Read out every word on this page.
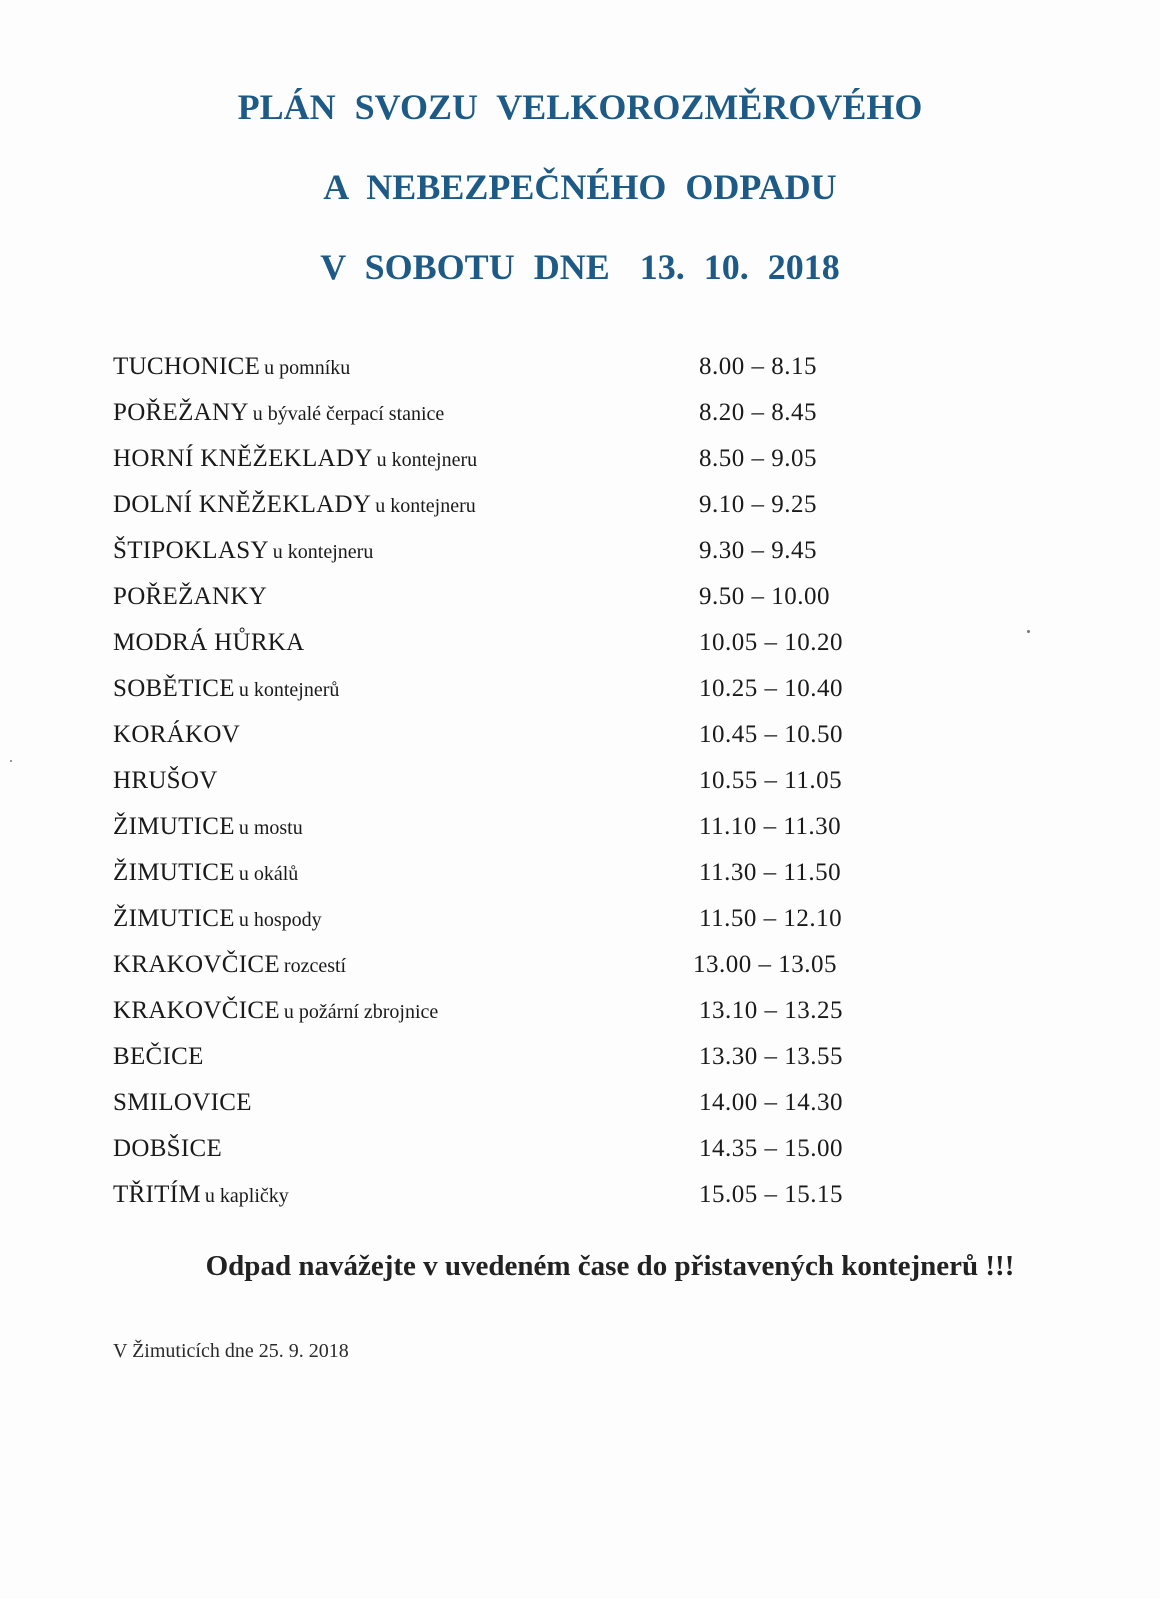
PLÁN SVOZU VELKOROZMĚROVÉHO
A NEBEZPEČNÉHO ODPADU
V SOBOTU DNE 13. 10. 2018
TUCHONICE u pomníku	8.00 – 8.15
POŘEŽANY u bývalé čerpací stanice	8.20 – 8.45
HORNÍ KNĚŽEKLADY u kontejneru	8.50 – 9.05
DOLNÍ KNĚŽEKLADY u kontejneru	9.10 – 9.25
ŠTIPOKLASY u kontejneru	9.30 – 9.45
POŘEŽANKY	9.50 – 10.00
MODRÁ HŮRKA	10.05 – 10.20
SOBĚTICE u kontejnerů	10.25 – 10.40
KORÁKOV	10.45 – 10.50
HRUŠOV	10.55 – 11.05
ŽIMUTICE u mostu	11.10 – 11.30
ŽIMUTICE u okálů	11.30 – 11.50
ŽIMUTICE u hospody	11.50 – 12.10
KRAKOVČICE rozcestí	13.00 – 13.05
KRAKOVČICE u požární zbrojnice	13.10 – 13.25
BEČICE	13.30 – 13.55
SMILOVICE	14.00 – 14.30
DOBŠICE	14.35 – 15.00
TŘITÍM u kapličky	15.05 – 15.15
Odpad navážejte v uvedeném čase do přistavených kontejnerů !!!
V Žimuticích dne 25. 9. 2018
